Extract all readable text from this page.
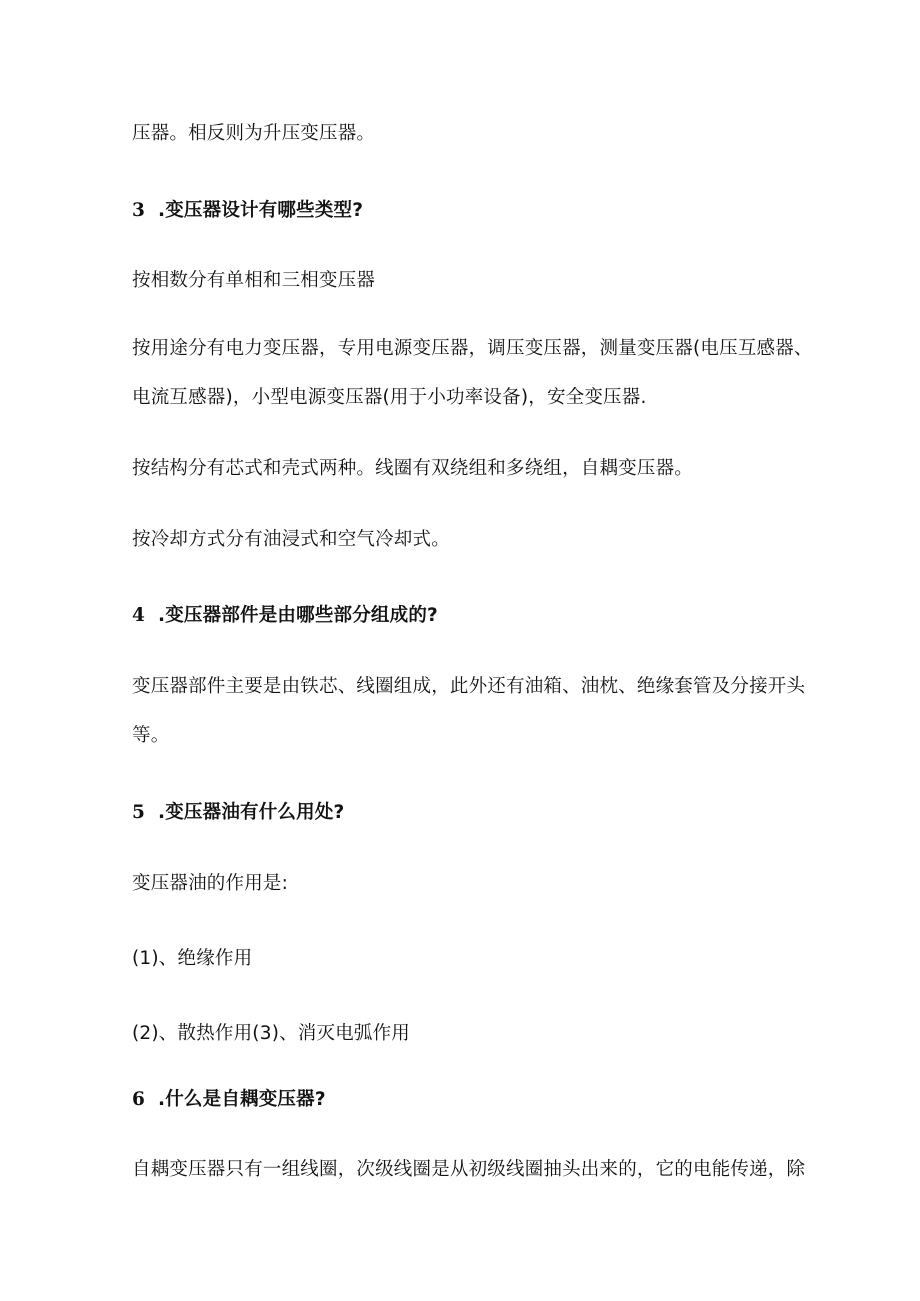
压器。相反则为升压变压器。
3 .变压器设计有哪些类型?
按相数分有单相和三相变压器
按用途分有电力变压器，专用电源变压器，调压变压器，测量变压器(电压互感器、
电流互感器)，小型电源变压器(用于小功率设备)，安全变压器.
按结构分有芯式和壳式两种。线圈有双绕组和多绕组，自耦变压器。
按冷却方式分有油浸式和空气冷却式。
4 .变压器部件是由哪些部分组成的?
变压器部件主要是由铁芯、线圈组成，此外还有油箱、油枕、绝缘套管及分接开头
等。
5 .变压器油有什么用处?
变压器油的作用是:
(1)、绝缘作用
(2)、散热作用(3)、消灭电弧作用
6 .什么是自耦变压器?
自耦变压器只有一组线圈，次级线圈是从初级线圈抽头出来的，它的电能传递，除
